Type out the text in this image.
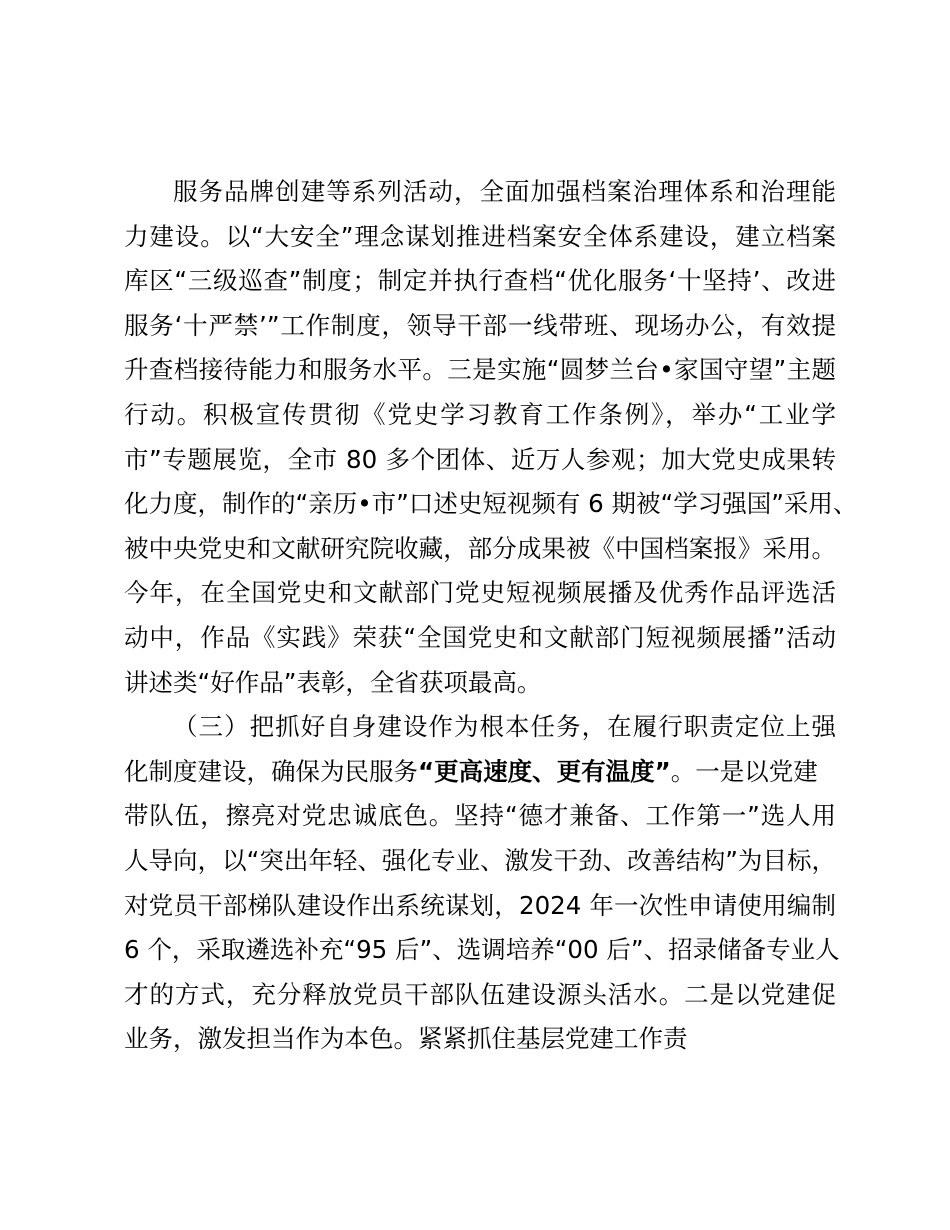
服务品牌创建等系列活动，全面加强档案治理体系和治理能
力建设。以“大安全”理念谋划推进档案安全体系建设，建立档案
库区“三级巡查”制度；制定并执行查档“优化服务‘十坚持’、改进
服务‘十严禁’”工作制度，领导干部一线带班、现场办公，有效提
升查档接待能力和服务水平。三是实施“圆梦兰台•家国守望”主题
行动。积极宣传贯彻《党史学习教育工作条例》，举办“工业学
市”专题展览，全市 80 多个团体、近万人参观；加大党史成果转
化力度，制作的“亲历•市”口述史短视频有 6 期被“学习强国”采用、
被中央党史和文献研究院收藏，部分成果被《中国档案报》采用。
今年，在全国党史和文献部门党史短视频展播及优秀作品评选活
动中，作品《实践》荣获“全国党史和文献部门短视频展播”活动
讲述类“好作品”表彰，全省获项最高。
（三）把抓好自身建设作为根本任务，在履行职责定位上强
化制度建设，确保为民服务“更高速度、更有温度”。一是以党建
带队伍，擦亮对党忠诚底色。坚持“德才兼备、工作第一”选人用
人导向，以“突出年轻、强化专业、激发干劲、改善结构”为目标，
对党员干部梯队建设作出系统谋划，2024 年一次性申请使用编制
6 个，采取遴选补充“95 后”、选调培养“00 后”、招录储备专业人
才的方式，充分释放党员干部队伍建设源头活水。二是以党建促
业务，激发担当作为本色。紧紧抓住基层党建工作责
